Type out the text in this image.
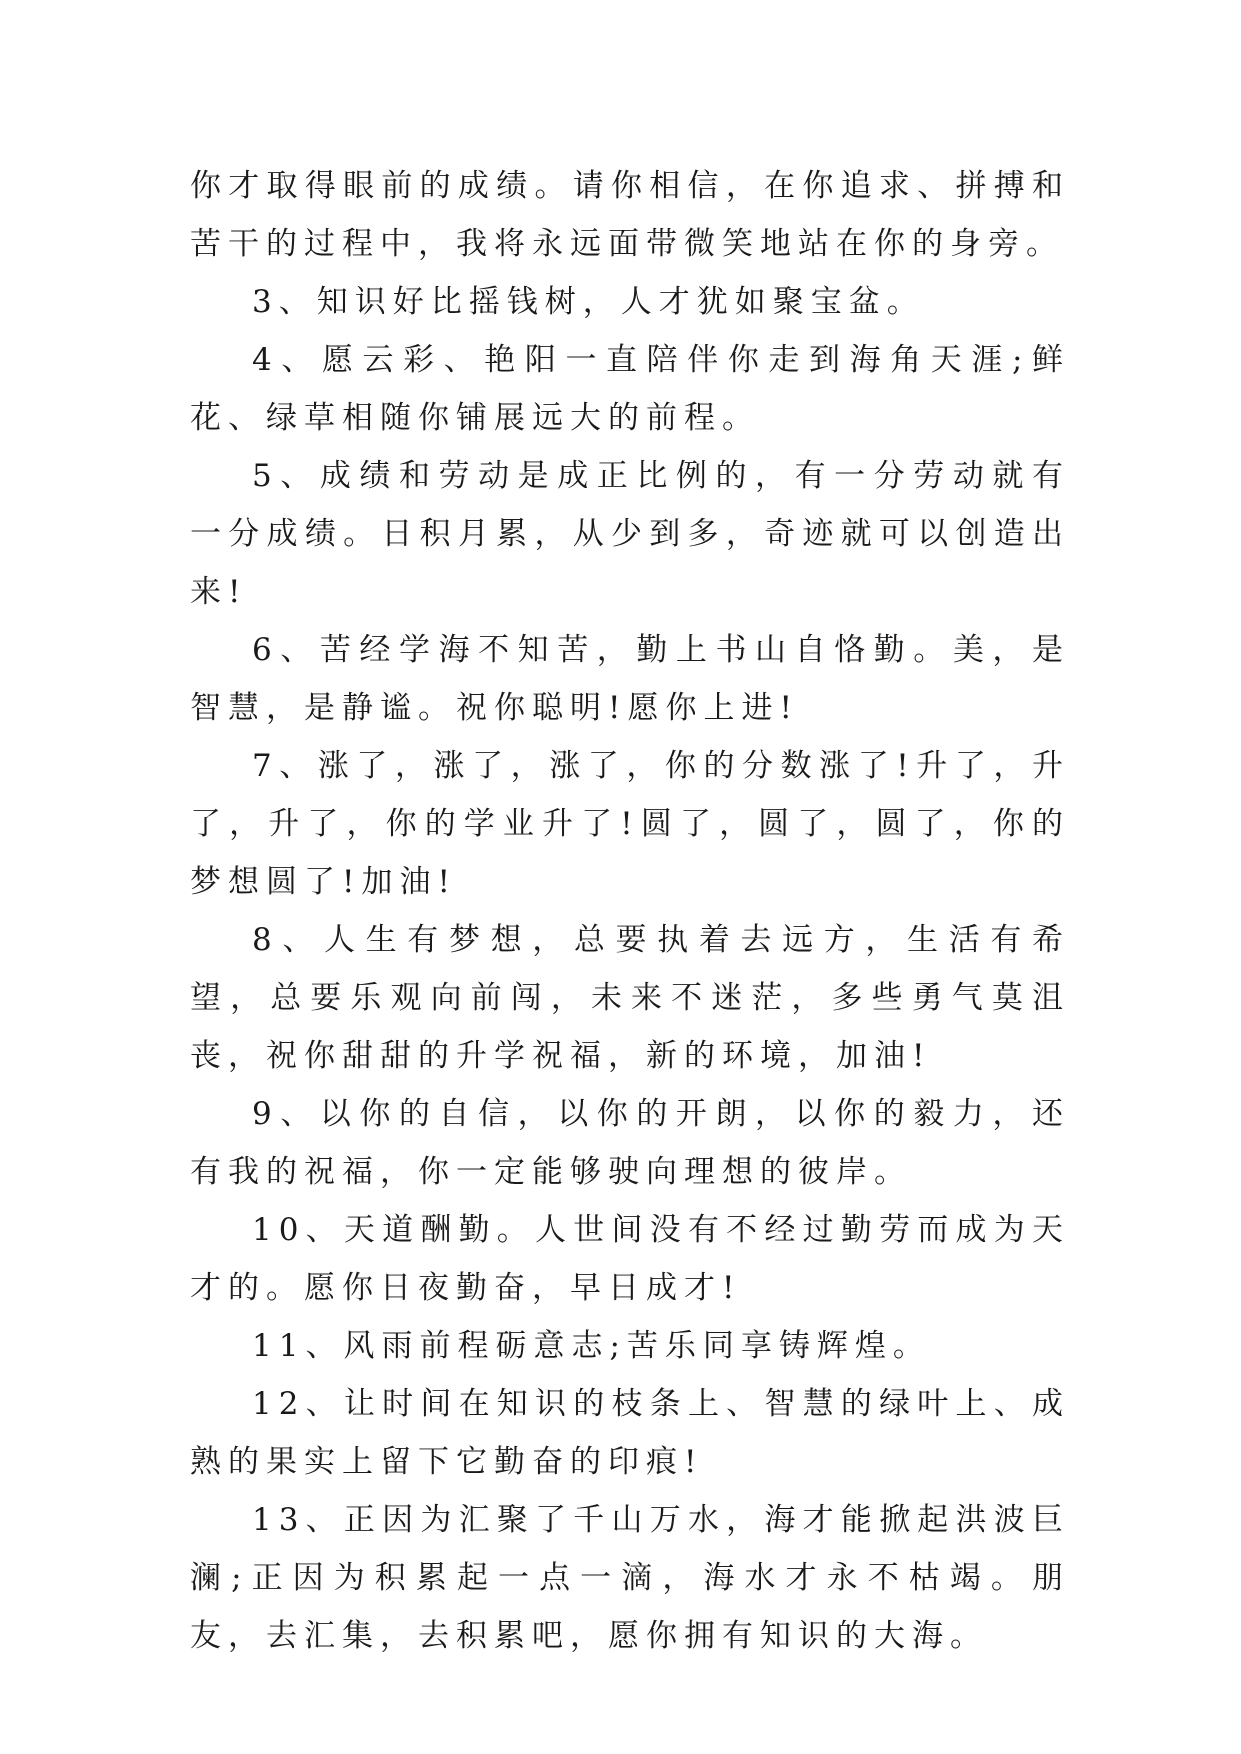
你才取得眼前的成绩。请你相信，在你追求、拼搏和苦干的过程中，我将永远面带微笑地站在你的身旁。

3、知识好比摇钱树，人才犹如聚宝盆。

4、愿云彩、艳阳一直陪伴你走到海角天涯;鲜花、绿草相随你铺展远大的前程。

5、成绩和劳动是成正比例的，有一分劳动就有一分成绩。日积月累，从少到多，奇迹就可以创造出来!

6、苦经学海不知苦，勤上书山自恪勤。美，是智慧，是静谧。祝你聪明!愿你上进!

7、涨了，涨了，涨了，你的分数涨了!升了，升了，升了，你的学业升了!圆了，圆了，圆了，你的梦想圆了!加油!

8、人生有梦想，总要执着去远方，生活有希望，总要乐观向前闯，未来不迷茫，多些勇气莫沮丧，祝你甜甜的升学祝福，新的环境，加油!

9、以你的自信，以你的开朗，以你的毅力，还有我的祝福，你一定能够驶向理想的彼岸。

10、天道酬勤。人世间没有不经过勤劳而成为天才的。愿你日夜勤奋，早日成才!

11、风雨前程砺意志;苦乐同享铸辉煌。

12、让时间在知识的枝条上、智慧的绿叶上、成熟的果实上留下它勤奋的印痕!

13、正因为汇聚了千山万水，海才能掀起洪波巨澜;正因为积累起一点一滴，海水才永不枯竭。朋友，去汇集，去积累吧，愿你拥有知识的大海。
